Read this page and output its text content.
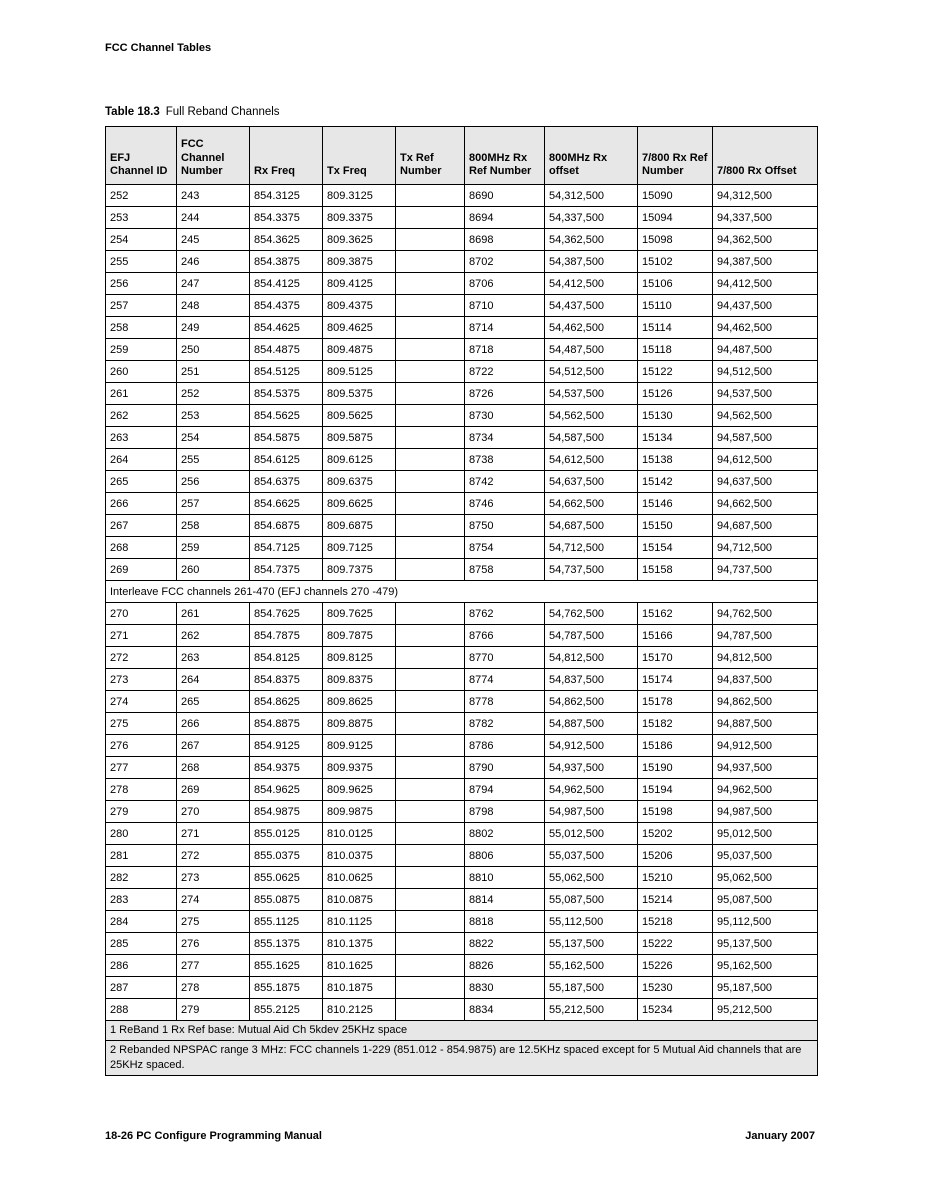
FCC Channel Tables
Table 18.3 Full Reband Channels
EFJ Channel ID	FCC Channel Number	Rx Freq	Tx Freq	Tx Ref Number	800MHz Rx Ref Number	800MHz Rx offset	7/800 Rx Ref Number	7/800 Rx Offset
252	243	854.3125	809.3125		8690	54,312,500	15090	94,312,500
253	244	854.3375	809.3375		8694	54,337,500	15094	94,337,500
254	245	854.3625	809.3625		8698	54,362,500	15098	94,362,500
255	246	854.3875	809.3875		8702	54,387,500	15102	94,387,500
256	247	854.4125	809.4125		8706	54,412,500	15106	94,412,500
257	248	854.4375	809.4375		8710	54,437,500	15110	94,437,500
258	249	854.4625	809.4625		8714	54,462,500	15114	94,462,500
259	250	854.4875	809.4875		8718	54,487,500	15118	94,487,500
260	251	854.5125	809.5125		8722	54,512,500	15122	94,512,500
261	252	854.5375	809.5375		8726	54,537,500	15126	94,537,500
262	253	854.5625	809.5625		8730	54,562,500	15130	94,562,500
263	254	854.5875	809.5875		8734	54,587,500	15134	94,587,500
264	255	854.6125	809.6125		8738	54,612,500	15138	94,612,500
265	256	854.6375	809.6375		8742	54,637,500	15142	94,637,500
266	257	854.6625	809.6625		8746	54,662,500	15146	94,662,500
267	258	854.6875	809.6875		8750	54,687,500	15150	94,687,500
268	259	854.7125	809.7125		8754	54,712,500	15154	94,712,500
269	260	854.7375	809.7375		8758	54,737,500	15158	94,737,500
Interleave FCC channels 261-470 (EFJ channels 270 -479)								
270	261	854.7625	809.7625		8762	54,762,500	15162	94,762,500
271	262	854.7875	809.7875		8766	54,787,500	15166	94,787,500
272	263	854.8125	809.8125		8770	54,812,500	15170	94,812,500
273	264	854.8375	809.8375		8774	54,837,500	15174	94,837,500
274	265	854.8625	809.8625		8778	54,862,500	15178	94,862,500
275	266	854.8875	809.8875		8782	54,887,500	15182	94,887,500
276	267	854.9125	809.9125		8786	54,912,500	15186	94,912,500
277	268	854.9375	809.9375		8790	54,937,500	15190	94,937,500
278	269	854.9625	809.9625		8794	54,962,500	15194	94,962,500
279	270	854.9875	809.9875		8798	54,987,500	15198	94,987,500
280	271	855.0125	810.0125		8802	55,012,500	15202	95,012,500
281	272	855.0375	810.0375		8806	55,037,500	15206	95,037,500
282	273	855.0625	810.0625		8810	55,062,500	15210	95,062,500
283	274	855.0875	810.0875		8814	55,087,500	15214	95,087,500
284	275	855.1125	810.1125		8818	55,112,500	15218	95,112,500
285	276	855.1375	810.1375		8822	55,137,500	15222	95,137,500
286	277	855.1625	810.1625		8826	55,162,500	15226	95,162,500
287	278	855.1875	810.1875		8830	55,187,500	15230	95,187,500
288	279	855.2125	810.2125		8834	55,212,500	15234	95,212,500
1 ReBand 1 Rx Ref base: Mutual Aid Ch 5kdev 25KHz space								
2 Rebanded NPSPAC range 3 MHz: FCC channels 1-229 (851.012 - 854.9875) are 12.5KHz spaced except for 5 Mutual Aid channels that are 25KHz spaced.								
18-26 PC Configure Programming Manual	January 2007
